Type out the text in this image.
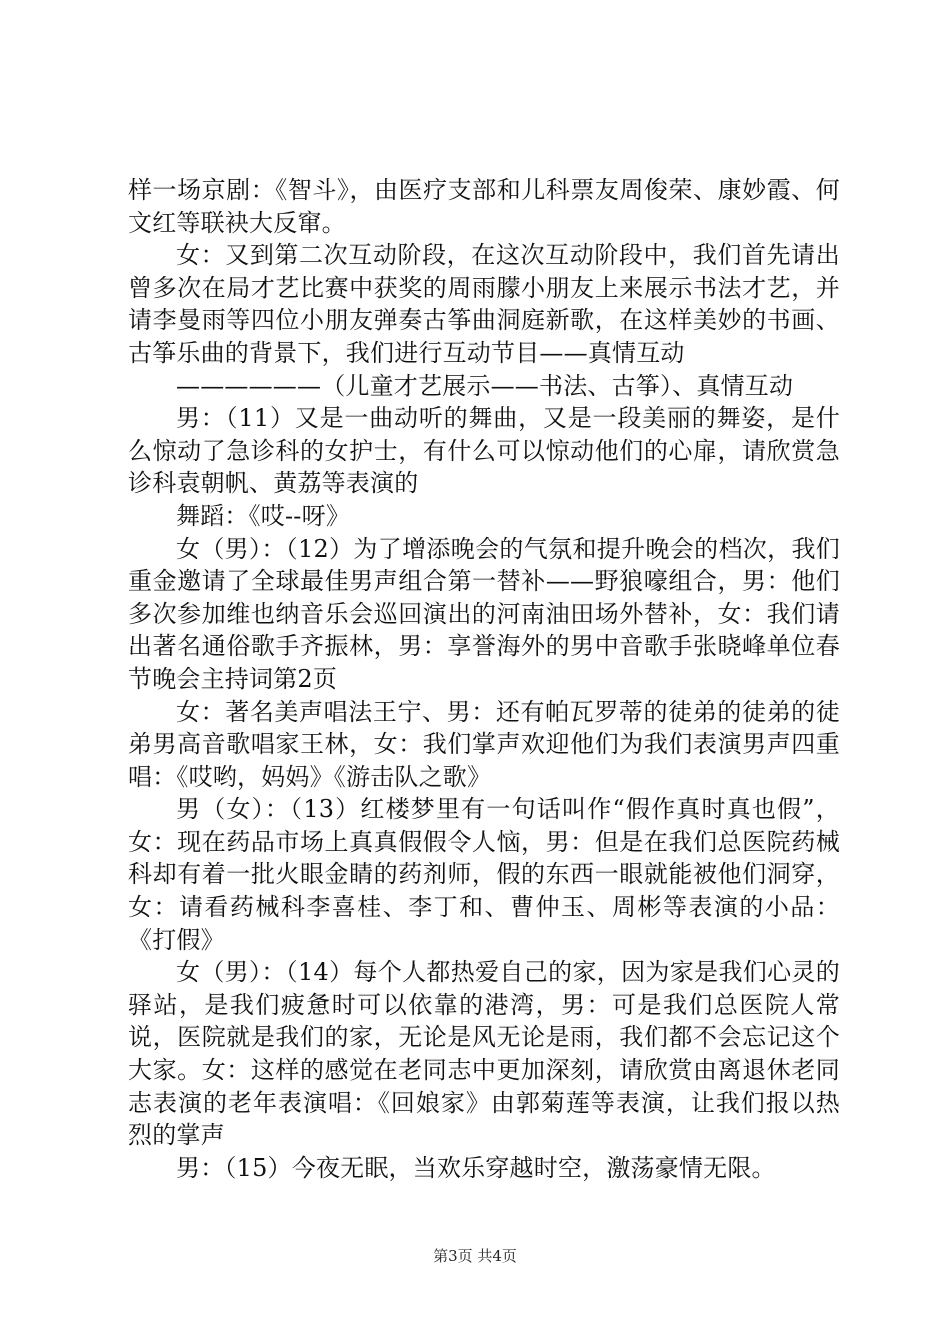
样一场京剧：《智斗》，由医疗支部和儿科票友周俊荣、康妙霞、何文红等联袂大反窜。

女：又到第二次互动阶段，在这次互动阶段中，我们首先请出曾多次在局才艺比赛中获奖的周雨朦小朋友上来展示书法才艺，并请李曼雨等四位小朋友弹奏古筝曲洞庭新歌，在这样美妙的书画、古筝乐曲的背景下，我们进行互动节目——真情互动

——————（儿童才艺展示——书法、古筝）、真情互动

男：（11）又是一曲动听的舞曲，又是一段美丽的舞姿，是什么惊动了急诊科的女护士，有什么可以惊动他们的心扉，请欣赏急诊科袁朝帆、黄荔等表演的

舞蹈：《哎--呀》

女（男）：（12）为了增添晚会的气氛和提升晚会的档次，我们重金邀请了全球最佳男声组合第一替补——野狼嚎组合，男：他们多次参加维也纳音乐会巡回演出的河南油田场外替补，女：我们请出著名通俗歌手齐振林，男：享誉海外的男中音歌手张晓峰单位春节晚会主持词第2页

女：著名美声唱法王宁、男：还有帕瓦罗蒂的徒弟的徒弟的徒弟男高音歌唱家王林，女：我们掌声欢迎他们为我们表演男声四重唱：《哎哟，妈妈》《游击队之歌》

男（女）：（13）红楼梦里有一句话叫作“假作真时真也假”，女：现在药品市场上真真假假令人恼，男：但是在我们总医院药械科却有着一批火眼金睛的药剂师，假的东西一眼就能被他们洞穿，女：请看药械科李喜桂、李丁和、曹仲玉、周彬等表演的小品：《打假》

女（男）：（14）每个人都热爱自己的家，因为家是我们心灵的驿站，是我们疲惫时可以依靠的港湾，男：可是我们总医院人常说，医院就是我们的家，无论是风无论是雨，我们都不会忘记这个大家。女：这样的感觉在老同志中更加深刻，请欣赏由离退休老同志表演的老年表演唱：《回娘家》由郭菊莲等表演，让我们报以热烈的掌声

男：（15）今夜无眠，当欢乐穿越时空，激荡豪情无限。

第3页 共4页
